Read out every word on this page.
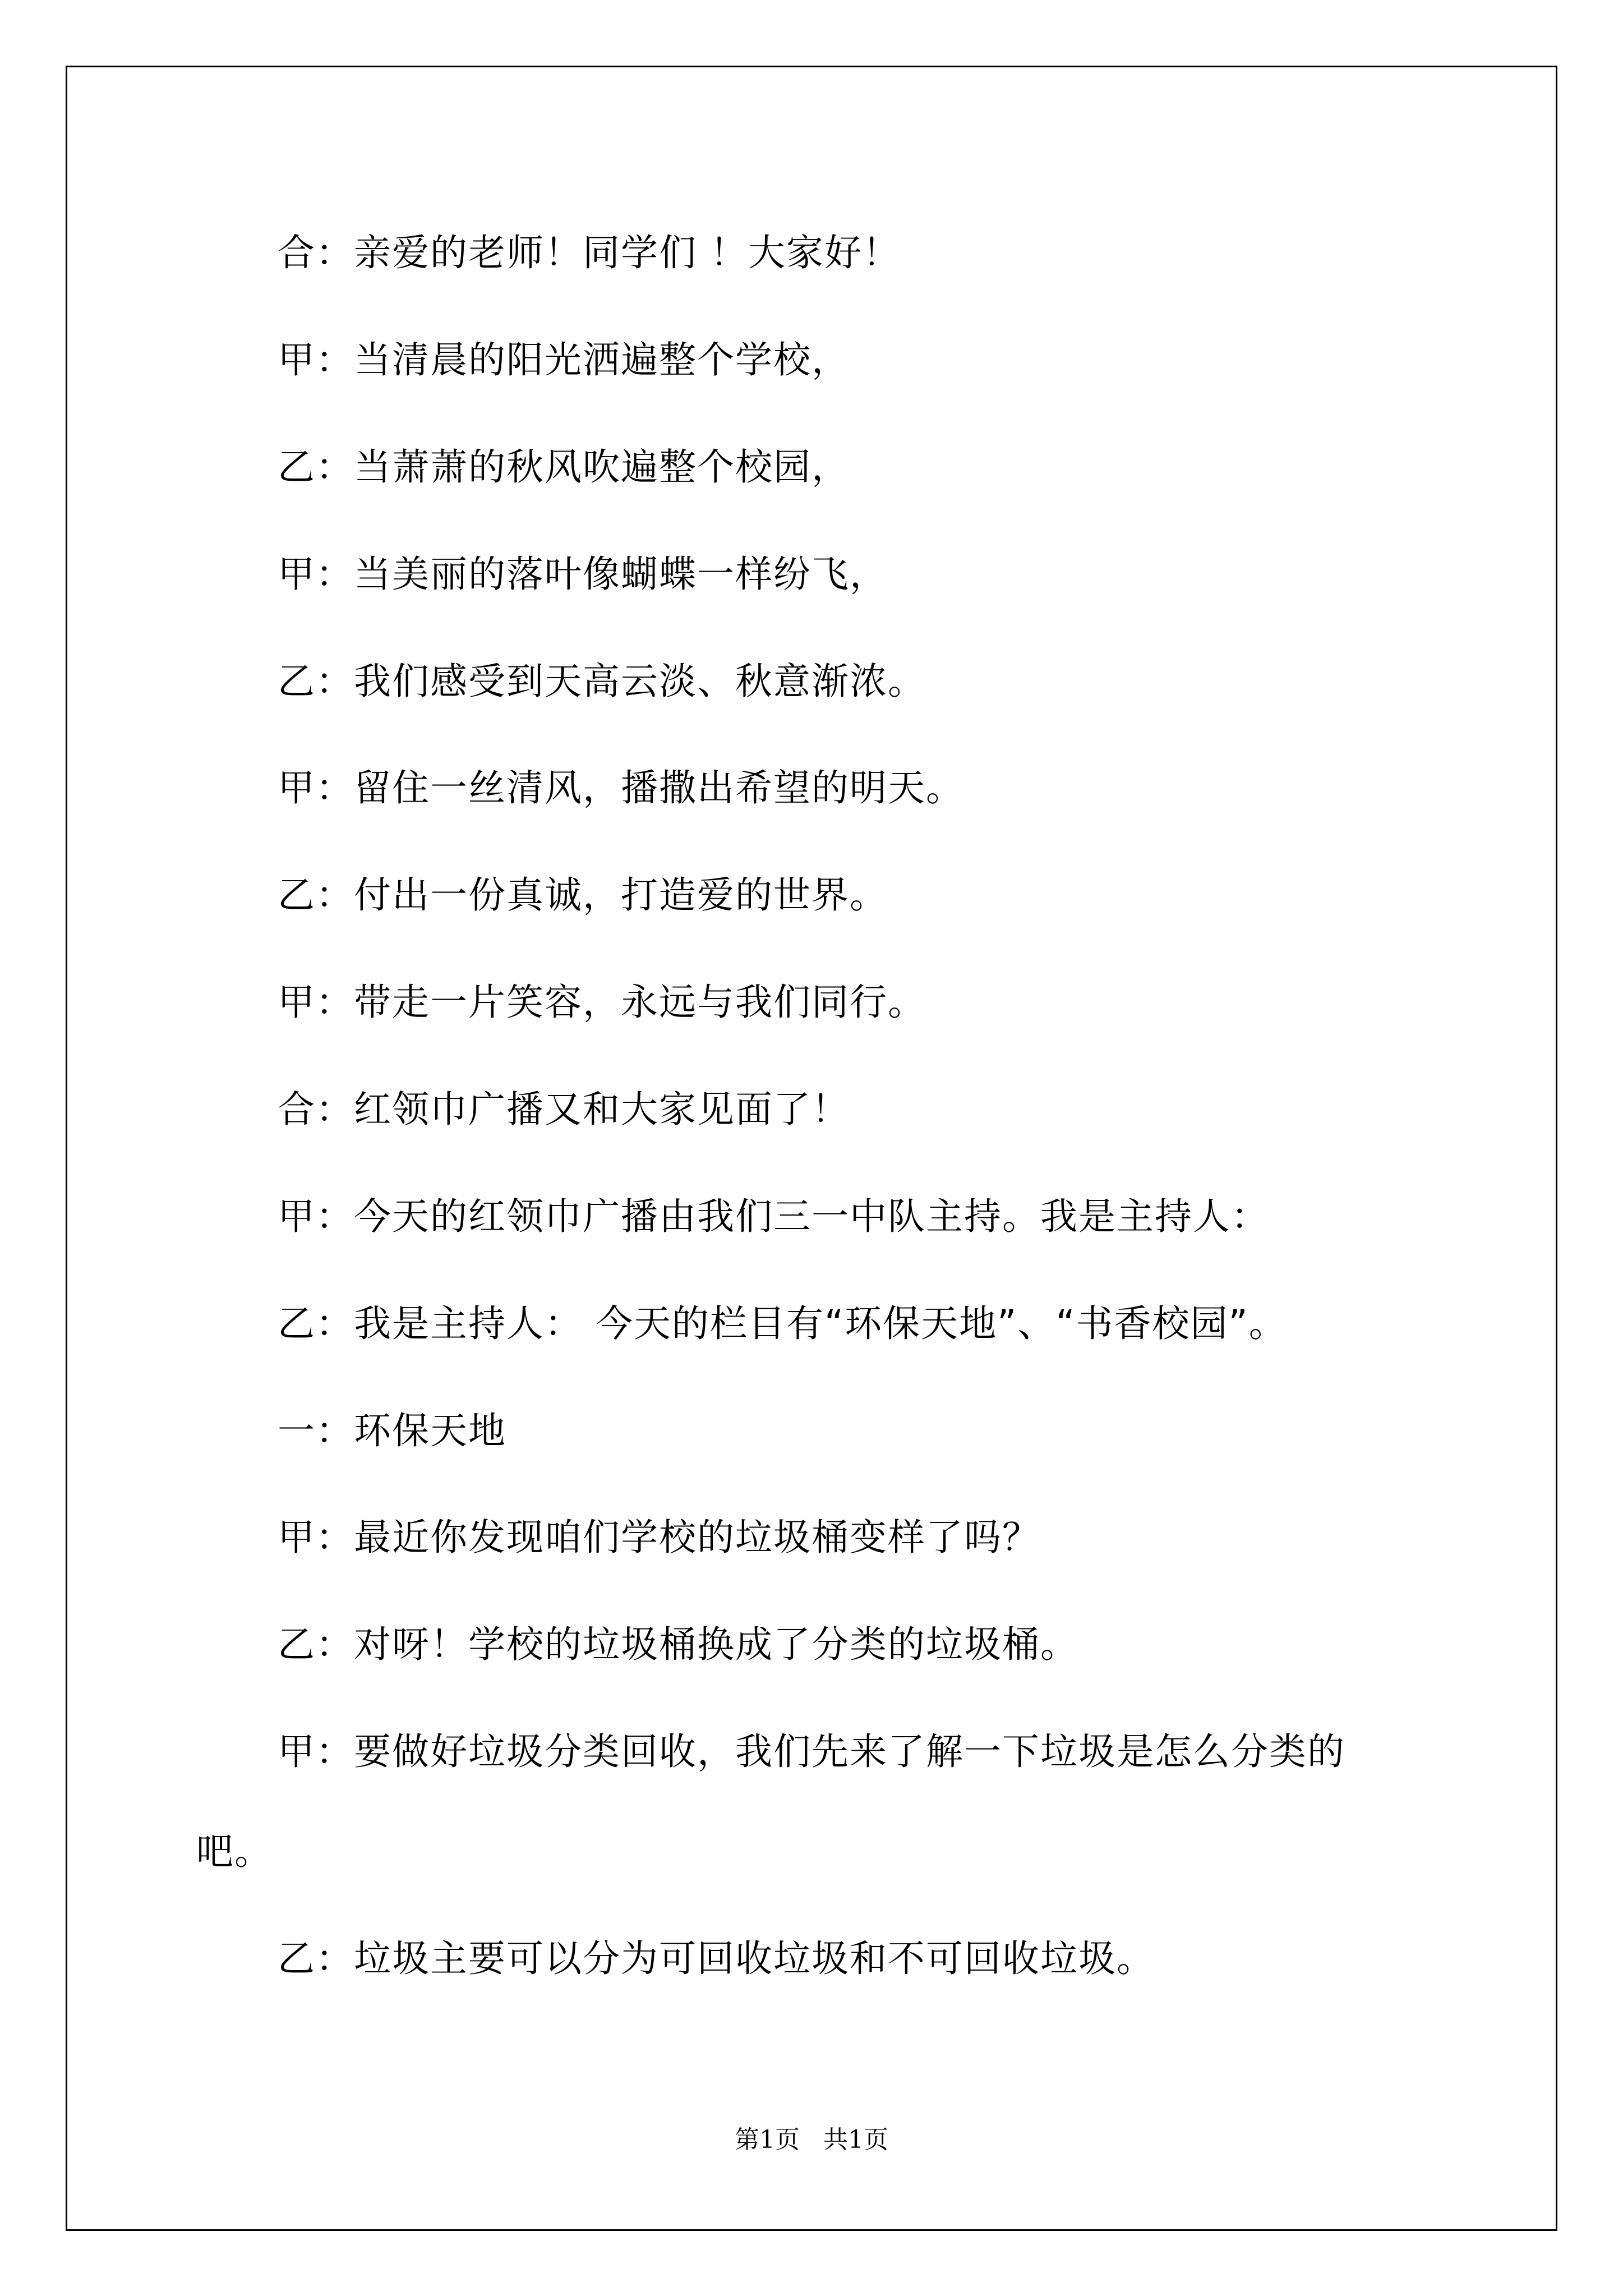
合：亲爱的老师！同学们 ！大家好！
甲：当清晨的阳光洒遍整个学校，
乙：当萧萧的秋风吹遍整个校园，
甲：当美丽的落叶像蝴蝶一样纷飞，
乙：我们感受到天高云淡、秋意渐浓。
甲：留住一丝清风，播撒出希望的明天。
乙：付出一份真诚，打造爱的世界。
甲：带走一片笑容，永远与我们同行。
合：红领巾广播又和大家见面了！
甲：今天的红领巾广播由我们三一中队主持。我是主持人：
乙：我是主持人： 今天的栏目有“环保天地”、“书香校园”。
一：环保天地
甲：最近你发现咱们学校的垃圾桶变样了吗？
乙：对呀！学校的垃圾桶换成了分类的垃圾桶。
甲：要做好垃圾分类回收，我们先来了解一下垃圾是怎么分类的
吧。
乙：垃圾主要可以分为可回收垃圾和不可回收垃圾。
第1页   共1页
